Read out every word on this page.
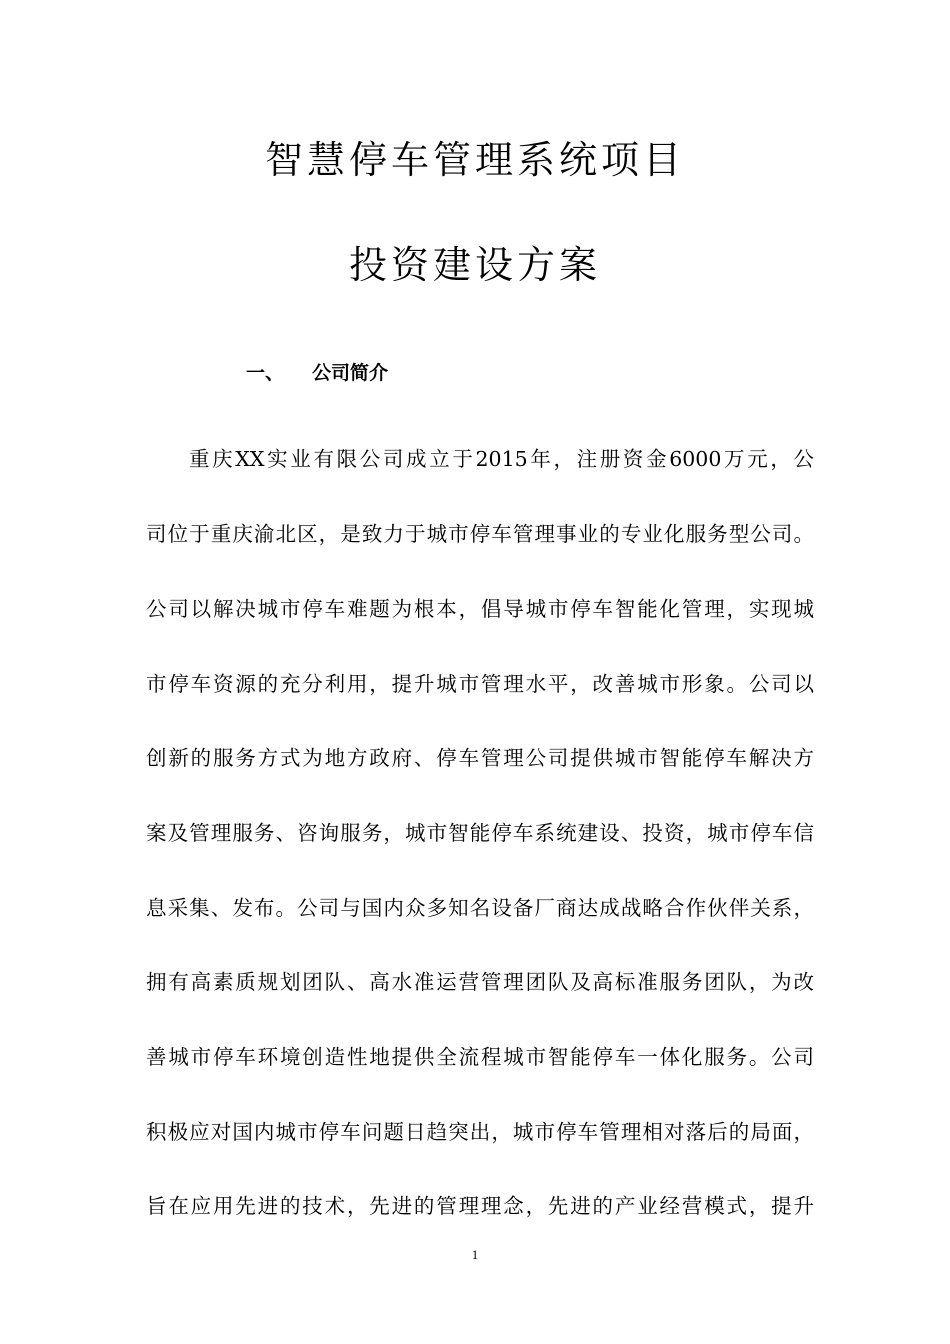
智慧停车管理系统项目
投资建设方案
一、 公司简介

重庆XX实业有限公司成立于2015年，注册资金6000万元，公

司位于重庆渝北区，是致力于城市停车管理事业的专业化服务型公司。

公司以解决城市停车难题为根本，倡导城市停车智能化管理，实现城

市停车资源的充分利用，提升城市管理水平，改善城市形象。公司以

创新的服务方式为地方政府、停车管理公司提供城市智能停车解决方

案及管理服务、咨询服务，城市智能停车系统建设、投资，城市停车信

息采集、发布。公司与国内众多知名设备厂商达成战略合作伙伴关系，

拥有高素质规划团队、高水准运营管理团队及高标准服务团队，为改

善城市停车环境创造性地提供全流程城市智能停车一体化服务。公司

积极应对国内城市停车问题日趋突出，城市停车管理相对落后的局面，

旨在应用先进的技术，先进的管理理念，先进的产业经营模式，提升

1
